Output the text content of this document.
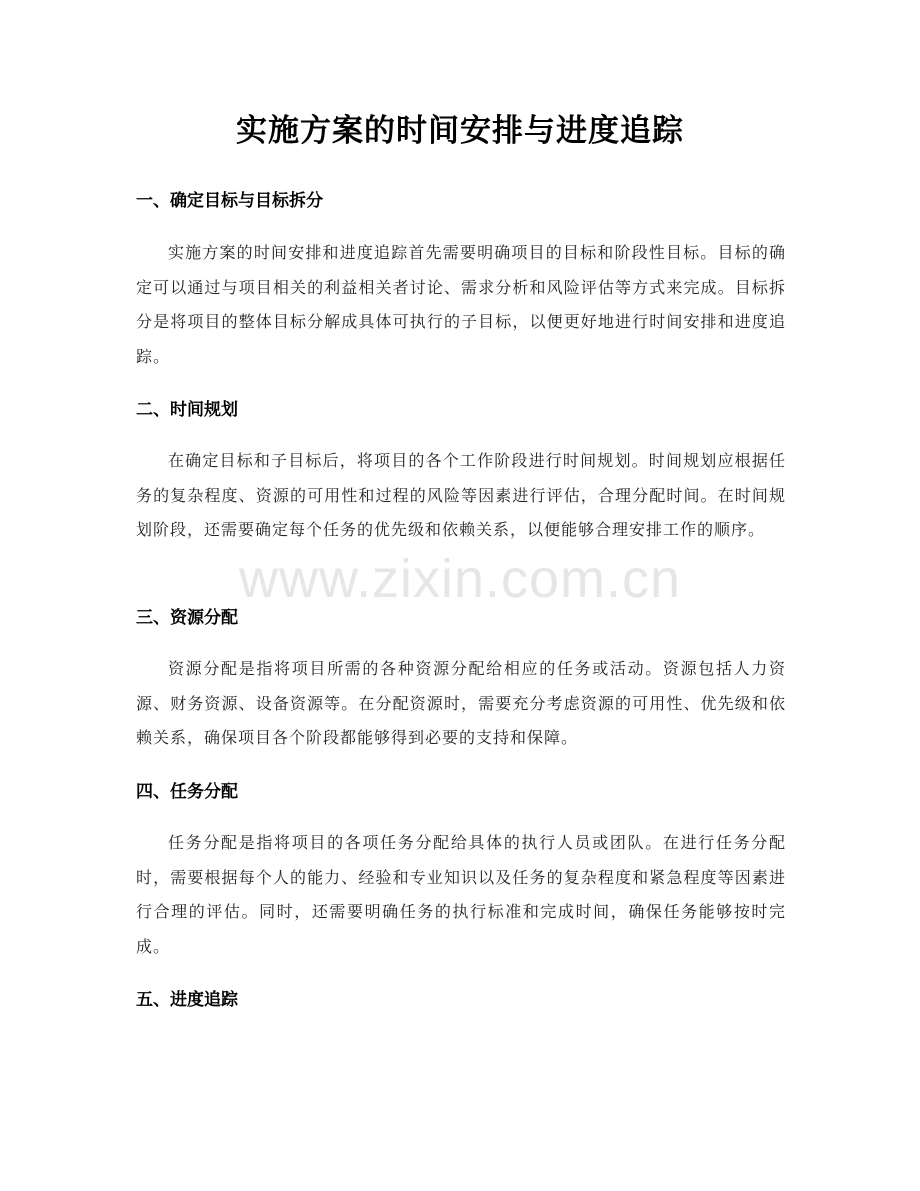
www.zixin.com.cn
实施方案的时间安排与进度追踪
一、确定目标与目标拆分
实施方案的时间安排和进度追踪首先需要明确项目的目标和阶段性目标。目标的确定可以通过与项目相关的利益相关者讨论、需求分析和风险评估等方式来完成。目标拆分是将项目的整体目标分解成具体可执行的子目标，以便更好地进行时间安排和进度追踪。
二、时间规划
在确定目标和子目标后，将项目的各个工作阶段进行时间规划。时间规划应根据任务的复杂程度、资源的可用性和过程的风险等因素进行评估，合理分配时间。在时间规划阶段，还需要确定每个任务的优先级和依赖关系，以便能够合理安排工作的顺序。
三、资源分配
资源分配是指将项目所需的各种资源分配给相应的任务或活动。资源包括人力资源、财务资源、设备资源等。在分配资源时，需要充分考虑资源的可用性、优先级和依赖关系，确保项目各个阶段都能够得到必要的支持和保障。
四、任务分配
任务分配是指将项目的各项任务分配给具体的执行人员或团队。在进行任务分配时，需要根据每个人的能力、经验和专业知识以及任务的复杂程度和紧急程度等因素进行合理的评估。同时，还需要明确任务的执行标准和完成时间，确保任务能够按时完成。
五、进度追踪
